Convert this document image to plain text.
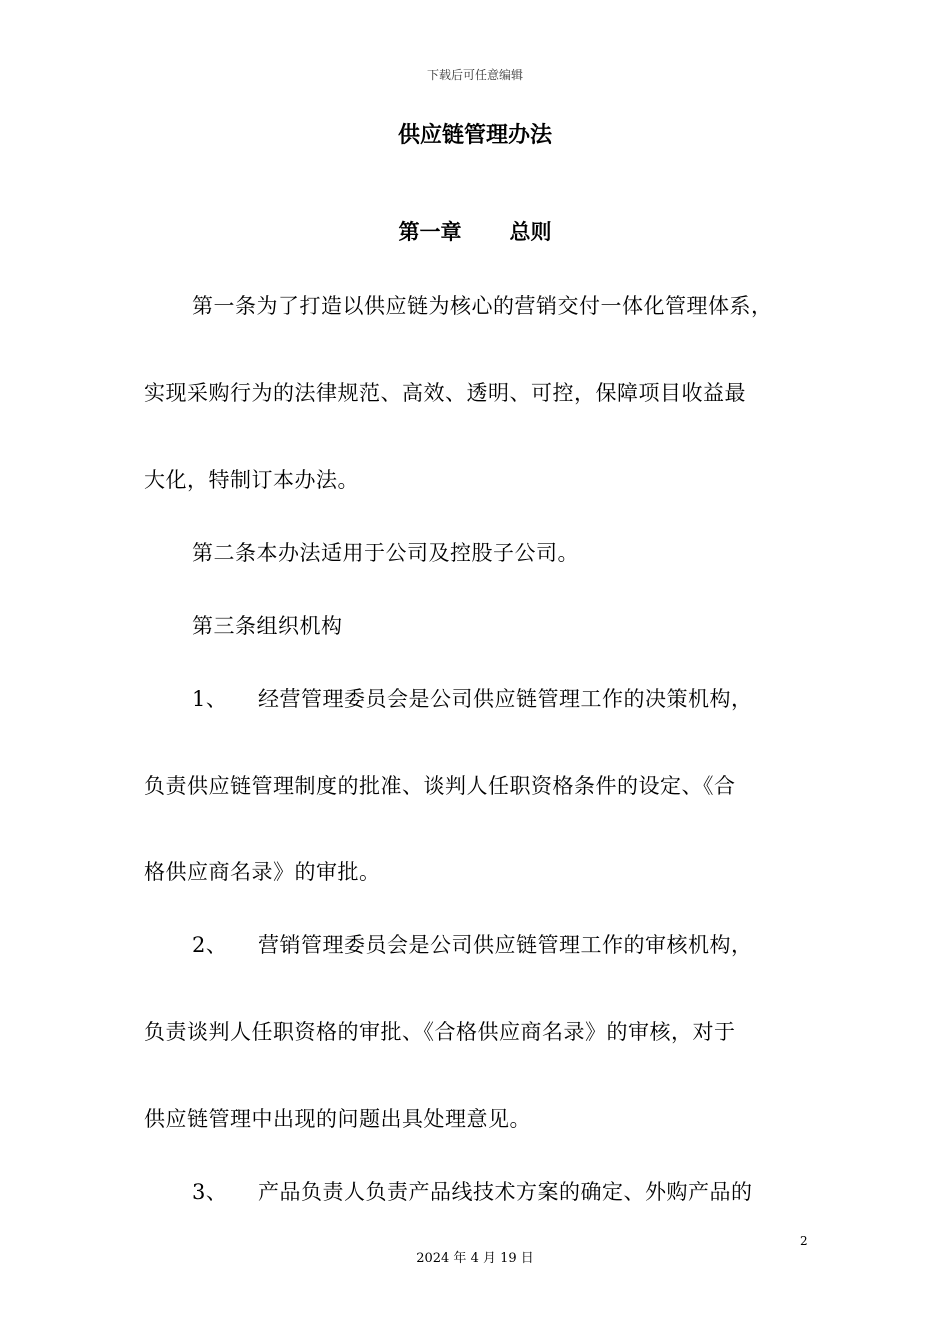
下载后可任意编辑
供应链管理办法
第一章 总则
第一条为了打造以供应链为核心的营销交付一体化管理体系，
实现采购行为的法律规范、高效、透明、可控，保障项目收益最
大化，特制订本办法。
第二条本办法适用于公司及控股子公司。
第三条组织机构
1、 经营管理委员会是公司供应链管理工作的决策机构，
负责供应链管理制度的批准、谈判人任职资格条件的设定、《合
格供应商名录》的审批。
2、 营销管理委员会是公司供应链管理工作的审核机构，
负责谈判人任职资格的审批、《合格供应商名录》的审核，对于
供应链管理中出现的问题出具处理意见。
3、 产品负责人负责产品线技术方案的确定、外购产品的
2
2024 年 4 月 19 日
